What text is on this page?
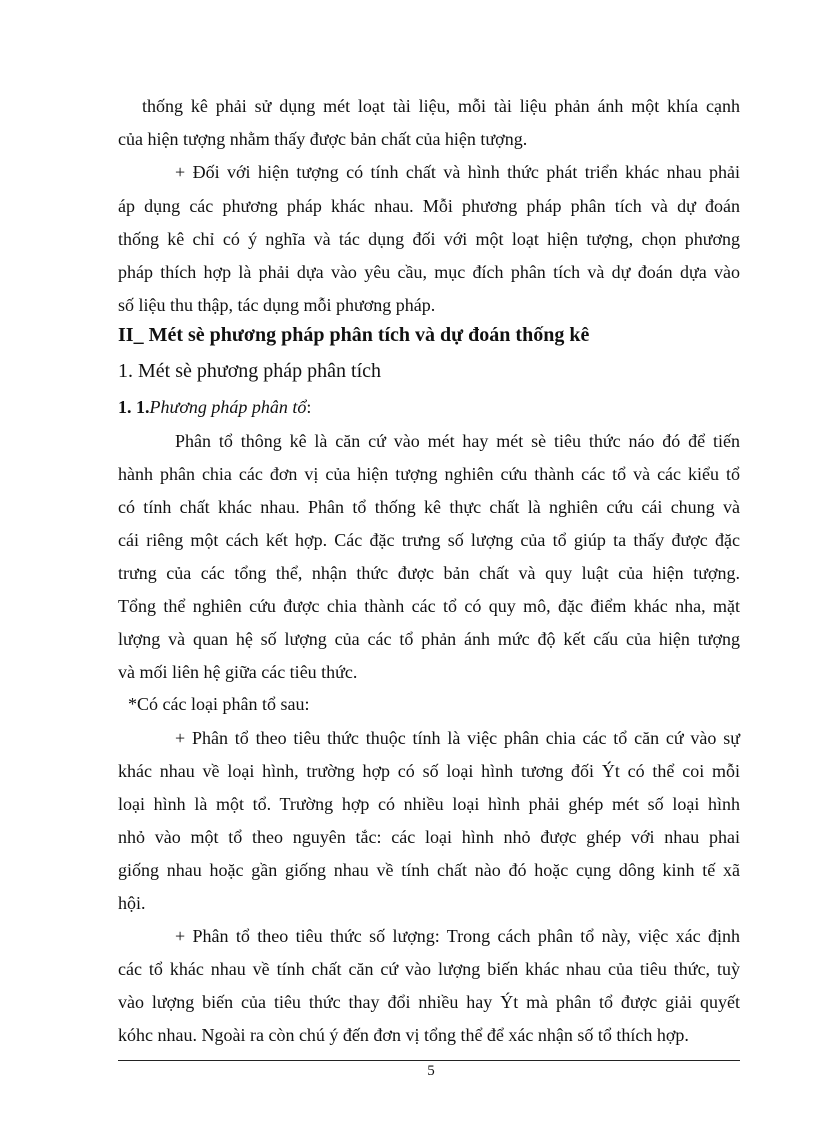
thống kê phải sử dụng mét loạt tài liệu, mỗi tài liệu phản ánh một khía cạnh
của hiện tượng nhằm thấy được bản chất của hiện tượng.
+ Đối với hiện tượng có tính chất và hình thức phát triển khác nhau phải
áp dụng các phương pháp khác nhau. Mỗi phương pháp phân tích và dự đoán
thống kê chỉ có ý nghĩa và tác dụng đối với một loạt hiện tượng, chọn phương
pháp thích hợp là phải dựa vào yêu cầu, mục đích phân tích và dự đoán dựa vào
số liệu thu thập, tác dụng mỗi phương pháp.
II_ Mét sè phương pháp phân tích và dự đoán thống kê
1. Mét sè phương pháp phân tích
1. 1.Phương pháp phân tổ:
Phân tổ thông kê là căn cứ vào mét hay mét sè tiêu thức náo đó để tiến
hành phân chia các đơn vị của hiện tượng nghiên cứu thành các tổ và các kiểu tổ
có tính chất khác nhau. Phân tổ thống kê thực chất là nghiên cứu cái chung và
cái riêng một cách kết hợp. Các đặc trưng số lượng của tổ giúp ta thấy được đặc
trưng của các tổng thể, nhận thức được bản chất và quy luật của hiện tượng.
Tổng thể nghiên cứu được chia thành các tổ có quy mô, đặc điểm khác nha, mặt
lượng và quan hệ số lượng của các tổ phản ánh mức độ kết cấu của hiện tượng
và mối liên hệ giữa các tiêu thức.
*Có các loại phân tổ sau:
+ Phân tổ theo tiêu thức thuộc tính là việc phân chia các tổ căn cứ vào sự
khác nhau về loại hình, trường hợp có số loại hình tương đối Ýt có thể coi mỗi
loại hình là một tổ. Trường hợp có nhiều loại hình phải ghép mét số loại hình
nhỏ vào một tổ theo nguyên tắc: các loại hình nhỏ được ghép với nhau phai
giống nhau hoặc gần giống nhau về tính chất nào đó hoặc cụng dông kinh tế xã
hội.
+ Phân tổ theo tiêu thức số lượng: Trong cách phân tổ này, việc xác định
các tổ khác nhau về tính chất căn cứ vào lượng biến khác nhau của tiêu thức, tuỳ
vào lượng biến của tiêu thức thay đổi nhiều hay Ýt mà phân tổ được giải quyết
kóhc nhau. Ngoài ra còn chú ý đến đơn vị tổng thể để xác nhận số tổ thích hợp.
5
